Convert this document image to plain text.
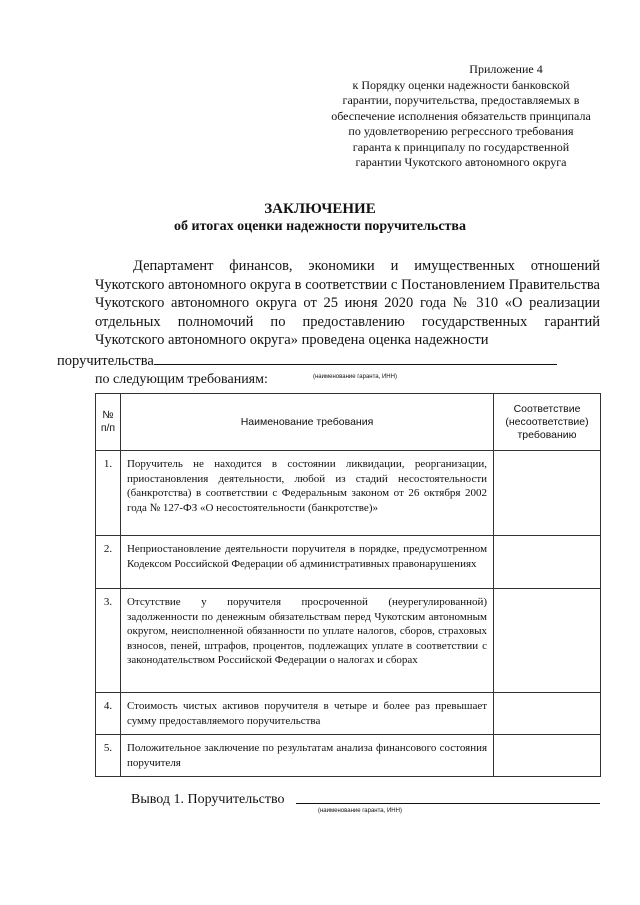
Приложение 4
к Порядку оценки надежности банковской
гарантии, поручительства, предоставляемых в
обеспечение исполнения обязательств принципала
по удовлетворению регрессного требования
гаранта к принципалу по государственной
гарантии Чукотского автономного округа
ЗАКЛЮЧЕНИЕ
об итогах оценки надежности поручительства

Департамент финансов, экономики и имущественных отношений Чукотского автономного округа в соответствии с Постановлением Правительства Чукотского автономного округа от 25 июня 2020 года № 310 «О реализации отдельных полномочий по предоставлению государственных гарантий Чукотского автономного округа» проведена оценка надежности
поручительства

(наименование гаранта, ИНН)
по следующим требованиям:
№ п/п	Наименование требования	Соответствие (несоответствие) требованию
1.	Поручитель не находится в состоянии ликвидации, реорганизации, приостановления деятельности, любой из стадий несостоятельности (банкротства) в соответствии с Федеральным законом от 26 октября 2002 года № 127-ФЗ «О несостоятельности (банкротстве)»	
2.	Неприостановление деятельности поручителя в порядке, предусмотренном Кодексом Российской Федерации об административных правонарушениях	
3.	Отсутствие у поручителя просроченной (неурегулированной) задолженности по денежным обязательствам перед Чукотским автономным округом, неисполненной обязанности по уплате налогов, сборов, страховых взносов, пеней, штрафов, процентов, подлежащих уплате в соответствии с законодательством Российской Федерации о налогах и сборах	
4.	Стоимость чистых активов поручителя в четыре и более раз превышает сумму предоставляемого поручительства	
5.	Положительное заключение по результатам анализа финансового состояния поручителя	
Вывод 1. Поручительство
(наименование гаранта, ИНН)
